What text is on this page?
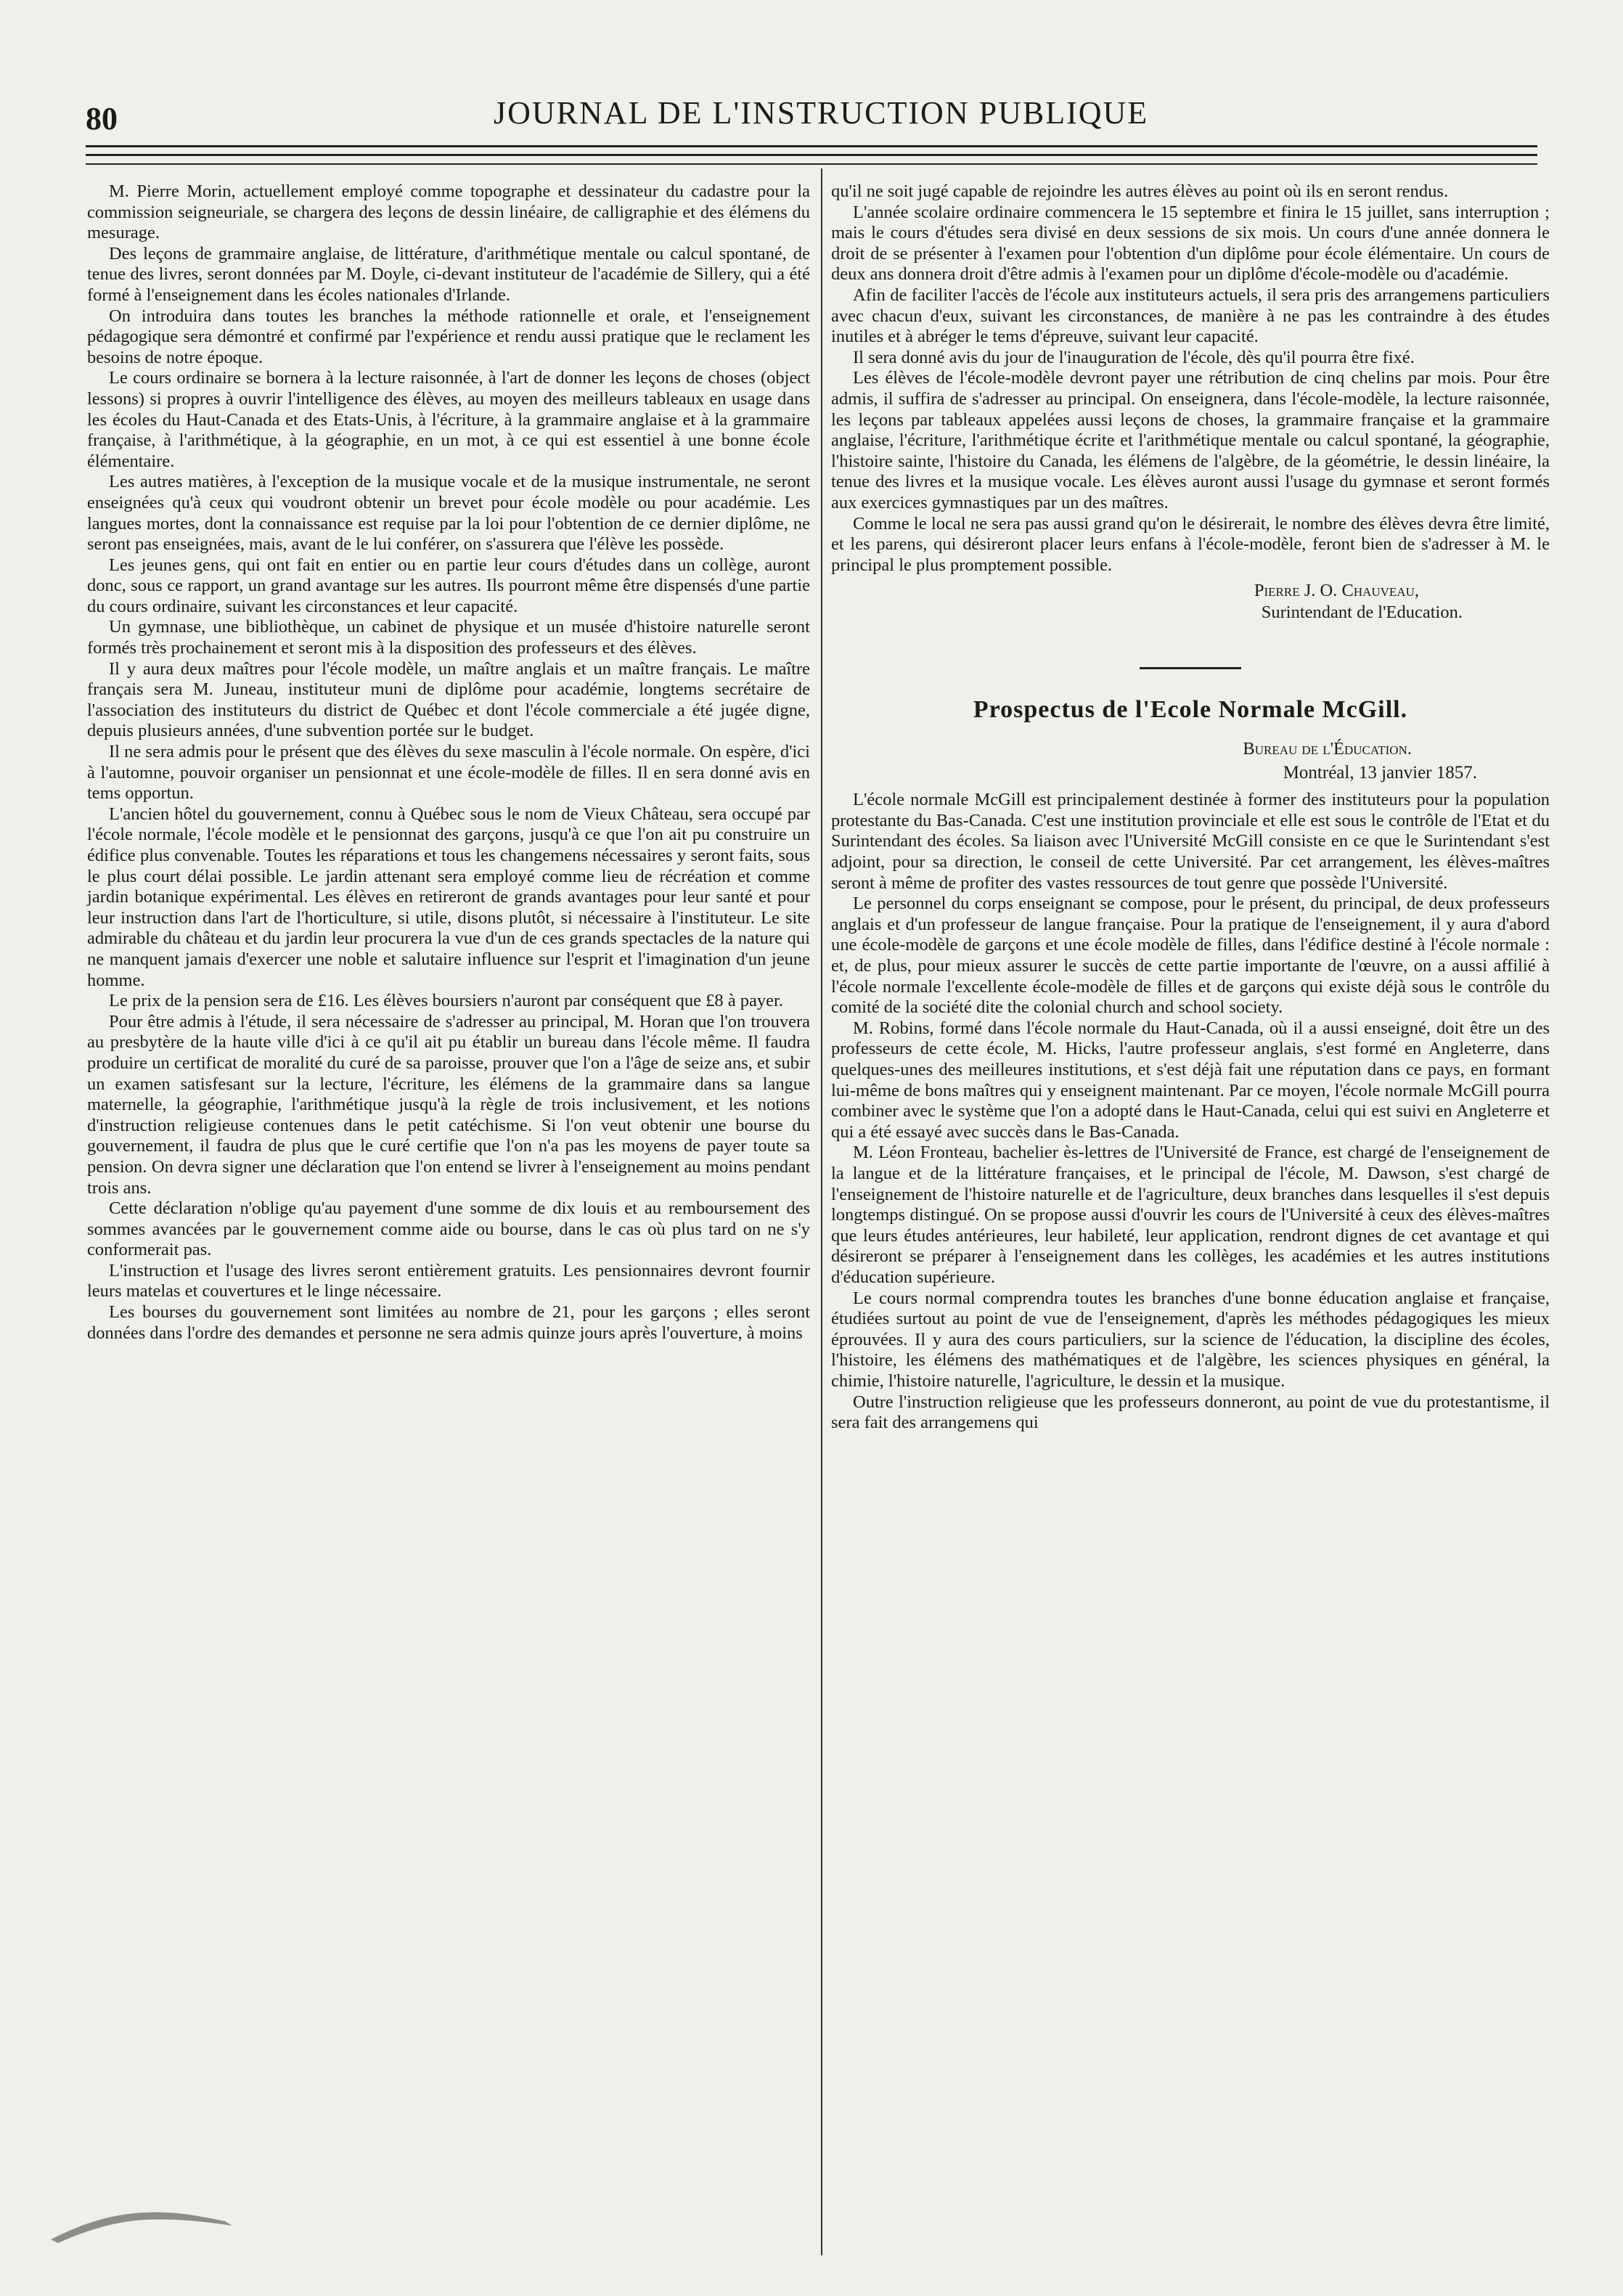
80	JOURNAL DE L'INSTRUCTION PUBLIQUE

M. Pierre Morin, actuellement employé comme topographe et dessinateur du cadastre pour la commission seigneuriale, se chargera des leçons de dessin linéaire, de calligraphie et des élémens du mesurage.

Des leçons de grammaire anglaise, de littérature, d'arithmétique mentale ou calcul spontané, de tenue des livres, seront données par M. Doyle, ci-devant instituteur de l'académie de Sillery, qui a été formé à l'enseignement dans les écoles nationales d'Irlande.

On introduira dans toutes les branches la méthode rationnelle et orale, et l'enseignement pédagogique sera démontré et confirmé par l'expérience et rendu aussi pratique que le reclament les besoins de notre époque.

Le cours ordinaire se bornera à la lecture raisonnée, à l'art de donner les leçons de choses (object lessons) si propres à ouvrir l'intelligence des élèves, au moyen des meilleurs tableaux en usage dans les écoles du Haut-Canada et des Etats-Unis, à l'écriture, à la grammaire anglaise et à la grammaire française, à l'arithmétique, à la géographie, en un mot, à ce qui est essentiel à une bonne école élémentaire.

Les autres matières, à l'exception de la musique vocale et de la musique instrumentale, ne seront enseignées qu'à ceux qui voudront obtenir un brevet pour école modèle ou pour académie. Les langues mortes, dont la connaissance est requise par la loi pour l'obtention de ce dernier diplôme, ne seront pas enseignées, mais, avant de le lui conférer, on s'assurera que l'élève les possède.

Les jeunes gens, qui ont fait en entier ou en partie leur cours d'études dans un collège, auront donc, sous ce rapport, un grand avantage sur les autres. Ils pourront même être dispensés d'une partie du cours ordinaire, suivant les circonstances et leur capacité.

Un gymnase, une bibliothèque, un cabinet de physique et un musée d'histoire naturelle seront formés très prochainement et seront mis à la disposition des professeurs et des élèves.

Il y aura deux maîtres pour l'école modèle, un maître anglais et un maître français. Le maître français sera M. Juneau, instituteur muni de diplôme pour académie, longtems secrétaire de l'association des instituteurs du district de Québec et dont l'école commerciale a été jugée digne, depuis plusieurs années, d'une subvention portée sur le budget.

Il ne sera admis pour le présent que des élèves du sexe masculin à l'école normale. On espère, d'ici à l'automne, pouvoir organiser un pensionnat et une école-modèle de filles. Il en sera donné avis en tems opportun.

L'ancien hôtel du gouvernement, connu à Québec sous le nom de Vieux Château, sera occupé par l'école normale, l'école modèle et le pensionnat des garçons, jusqu'à ce que l'on ait pu construire un édifice plus convenable. Toutes les réparations et tous les changemens nécessaires y seront faits, sous le plus court délai possible. Le jardin attenant sera employé comme lieu de récréation et comme jardin botanique expérimental. Les élèves en retireront de grands avantages pour leur santé et pour leur instruction dans l'art de l'horticulture, si utile, disons plutôt, si nécessaire à l'instituteur. Le site admirable du château et du jardin leur procurera la vue d'un de ces grands spectacles de la nature qui ne manquent jamais d'exercer une noble et salutaire influence sur l'esprit et l'imagination d'un jeune homme.

Le prix de la pension sera de £16. Les élèves boursiers n'auront par conséquent que £8 à payer.

Pour être admis à l'étude, il sera nécessaire de s'adresser au principal, M. Horan que l'on trouvera au presbytère de la haute ville d'ici à ce qu'il ait pu établir un bureau dans l'école même. Il faudra produire un certificat de moralité du curé de sa paroisse, prouver que l'on a l'âge de seize ans, et subir un examen satisfesant sur la lecture, l'écriture, les élémens de la grammaire dans sa langue maternelle, la géographie, l'arithmétique jusqu'à la règle de trois inclusivement, et les notions d'instruction religieuse contenues dans le petit catéchisme. Si l'on veut obtenir une bourse du gouvernement, il faudra de plus que le curé certifie que l'on n'a pas les moyens de payer toute sa pension. On devra signer une déclaration que l'on entend se livrer à l'enseignement au moins pendant trois ans.

Cette déclaration n'oblige qu'au payement d'une somme de dix louis et au remboursement des sommes avancées par le gouvernement comme aide ou bourse, dans le cas où plus tard on ne s'y conformerait pas.

L'instruction et l'usage des livres seront entièrement gratuits. Les pensionnaires devront fournir leurs matelas et couvertures et le linge nécessaire.

Les bourses du gouvernement sont limitées au nombre de 21, pour les garçons ; elles seront données dans l'ordre des demandes et personne ne sera admis quinze jours après l'ouverture, à moins

qu'il ne soit jugé capable de rejoindre les autres élèves au point où ils en seront rendus.

L'année scolaire ordinaire commencera le 15 septembre et finira le 15 juillet, sans interruption ; mais le cours d'études sera divisé en deux sessions de six mois. Un cours d'une année donnera le droit de se présenter à l'examen pour l'obtention d'un diplôme pour école élémentaire. Un cours de deux ans donnera droit d'être admis à l'examen pour un diplôme d'école-modèle ou d'académie.

Afin de faciliter l'accès de l'école aux instituteurs actuels, il sera pris des arrangemens particuliers avec chacun d'eux, suivant les circonstances, de manière à ne pas les contraindre à des études inutiles et à abréger le tems d'épreuve, suivant leur capacité.

Il sera donné avis du jour de l'inauguration de l'école, dès qu'il pourra être fixé.

Les élèves de l'école-modèle devront payer une rétribution de cinq chelins par mois. Pour être admis, il suffira de s'adresser au principal. On enseignera, dans l'école-modèle, la lecture raisonnée, les leçons par tableaux appelées aussi leçons de choses, la grammaire française et la grammaire anglaise, l'écriture, l'arithmétique écrite et l'arithmétique mentale ou calcul spontané, la géographie, l'histoire sainte, l'histoire du Canada, les élémens de l'algèbre, de la géométrie, le dessin linéaire, la tenue des livres et la musique vocale. Les élèves auront aussi l'usage du gymnase et seront formés aux exercices gymnastiques par un des maîtres.

Comme le local ne sera pas aussi grand qu'on le désirerait, le nombre des élèves devra être limité, et les parens, qui désireront placer leurs enfans à l'école-modèle, feront bien de s'adresser à M. le principal le plus promptement possible.

Pierre J. O. Chauveau,
Surintendant de l'Education.
Prospectus de l'Ecole Normale McGill.
Bureau de l'Éducation.
Montréal, 13 janvier 1857.

L'école normale McGill est principalement destinée à former des instituteurs pour la population protestante du Bas-Canada. C'est une institution provinciale et elle est sous le contrôle de l'Etat et du Surintendant des écoles. Sa liaison avec l'Université McGill consiste en ce que le Surintendant s'est adjoint, pour sa direction, le conseil de cette Université. Par cet arrangement, les élèves-maîtres seront à même de profiter des vastes ressources de tout genre que possède l'Université.

Le personnel du corps enseignant se compose, pour le présent, du principal, de deux professeurs anglais et d'un professeur de langue française. Pour la pratique de l'enseignement, il y aura d'abord une école-modèle de garçons et une école modèle de filles, dans l'édifice destiné à l'école normale : et, de plus, pour mieux assurer le succès de cette partie importante de l'œuvre, on a aussi affilié à l'école normale l'excellente école-modèle de filles et de garçons qui existe déjà sous le contrôle du comité de la société dite the colonial church and school society.

M. Robins, formé dans l'école normale du Haut-Canada, où il a aussi enseigné, doit être un des professeurs de cette école, M. Hicks, l'autre professeur anglais, s'est formé en Angleterre, dans quelques-unes des meilleures institutions, et s'est déjà fait une réputation dans ce pays, en formant lui-même de bons maîtres qui y enseignent maintenant. Par ce moyen, l'école normale McGill pourra combiner avec le système que l'on a adopté dans le Haut-Canada, celui qui est suivi en Angleterre et qui a été essayé avec succès dans le Bas-Canada.

M. Léon Fronteau, bachelier ès-lettres de l'Université de France, est chargé de l'enseignement de la langue et de la littérature françaises, et le principal de l'école, M. Dawson, s'est chargé de l'enseignement de l'histoire naturelle et de l'agriculture, deux branches dans lesquelles il s'est depuis longtemps distingué. On se propose aussi d'ouvrir les cours de l'Université à ceux des élèves-maîtres que leurs études antérieures, leur habileté, leur application, rendront dignes de cet avantage et qui désireront se préparer à l'enseignement dans les collèges, les académies et les autres institutions d'éducation supérieure.

Le cours normal comprendra toutes les branches d'une bonne éducation anglaise et française, étudiées surtout au point de vue de l'enseignement, d'après les méthodes pédagogiques les mieux éprouvées. Il y aura des cours particuliers, sur la science de l'éducation, la discipline des écoles, l'histoire, les élémens des mathématiques et de l'algèbre, les sciences physiques en général, la chimie, l'histoire naturelle, l'agriculture, le dessin et la musique.

Outre l'instruction religieuse que les professeurs donneront, au point de vue du protestantisme, il sera fait des arrangemens qui
